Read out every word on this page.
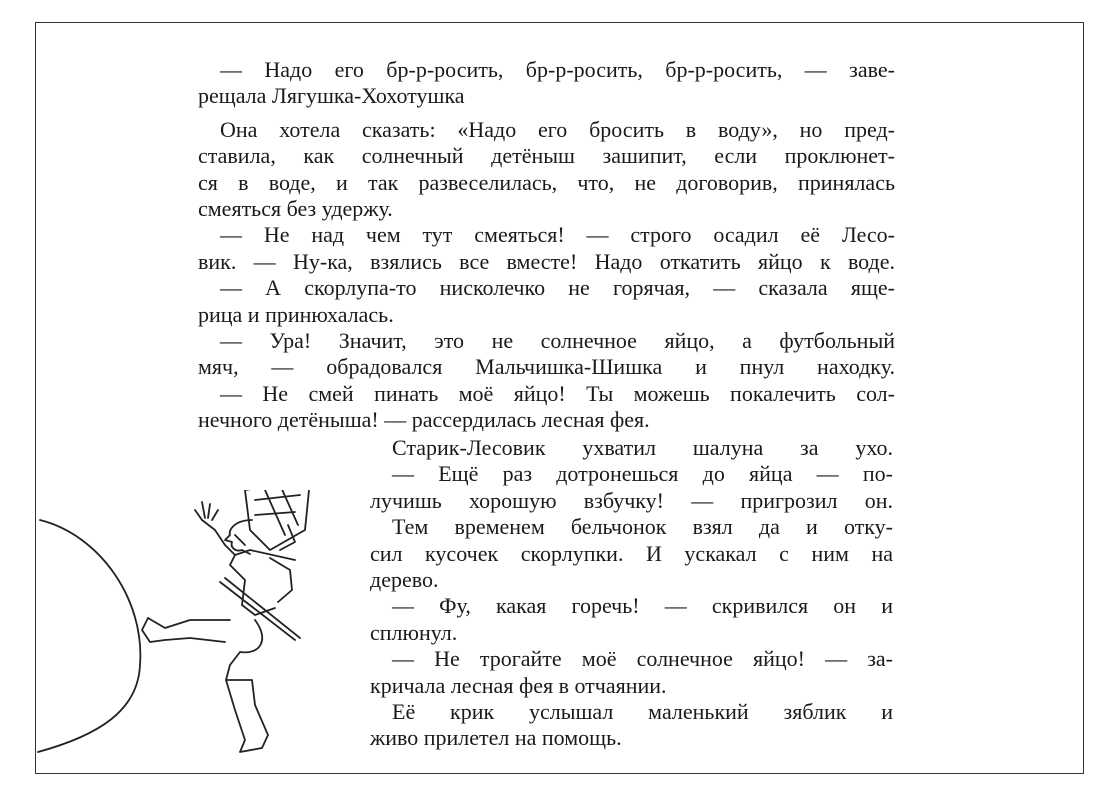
— Надо его бр-р-росить, бр-р-росить, бр-р-росить, — заве-
рещала Лягушка-Хохотушка
Она хотела сказать: «Надо его бросить в воду», но пред-
ставила, как солнечный детёныш зашипит, если проклюнет-
ся в воде, и так развеселилась, что, не договорив, принялась
смеяться без удержу.
— Не над чем тут смеяться! — строго осадил её Лесо-
вик. — Ну-ка, взялись все вместе! Надо откатить яйцо к воде.
— А скорлупа-то нисколечко не горячая, — сказала яще-
рица и принюхалась.
— Ура! Значит, это не солнечное яйцо, а футбольный
мяч, — обрадовался Мальчишка-Шишка и пнул находку.
— Не смей пинать моё яйцо! Ты можешь покалечить сол-
нечного детёныша! — рассердилась лесная фея.
Старик-Лесовик ухватил шалуна за ухо.
— Ещё раз дотронешься до яйца — по-
лучишь хорошую взбучку! — пригрозил он.
Тем временем бельчонок взял да и отку-
сил кусочек скорлупки. И ускакал с ним на
дерево.
— Фу, какая горечь! — скривился он и
сплюнул.
— Не трогайте моё солнечное яйцо! — за-
кричала лесная фея в отчаянии.
Её крик услышал маленький зяблик и
живо прилетел на помощь.
